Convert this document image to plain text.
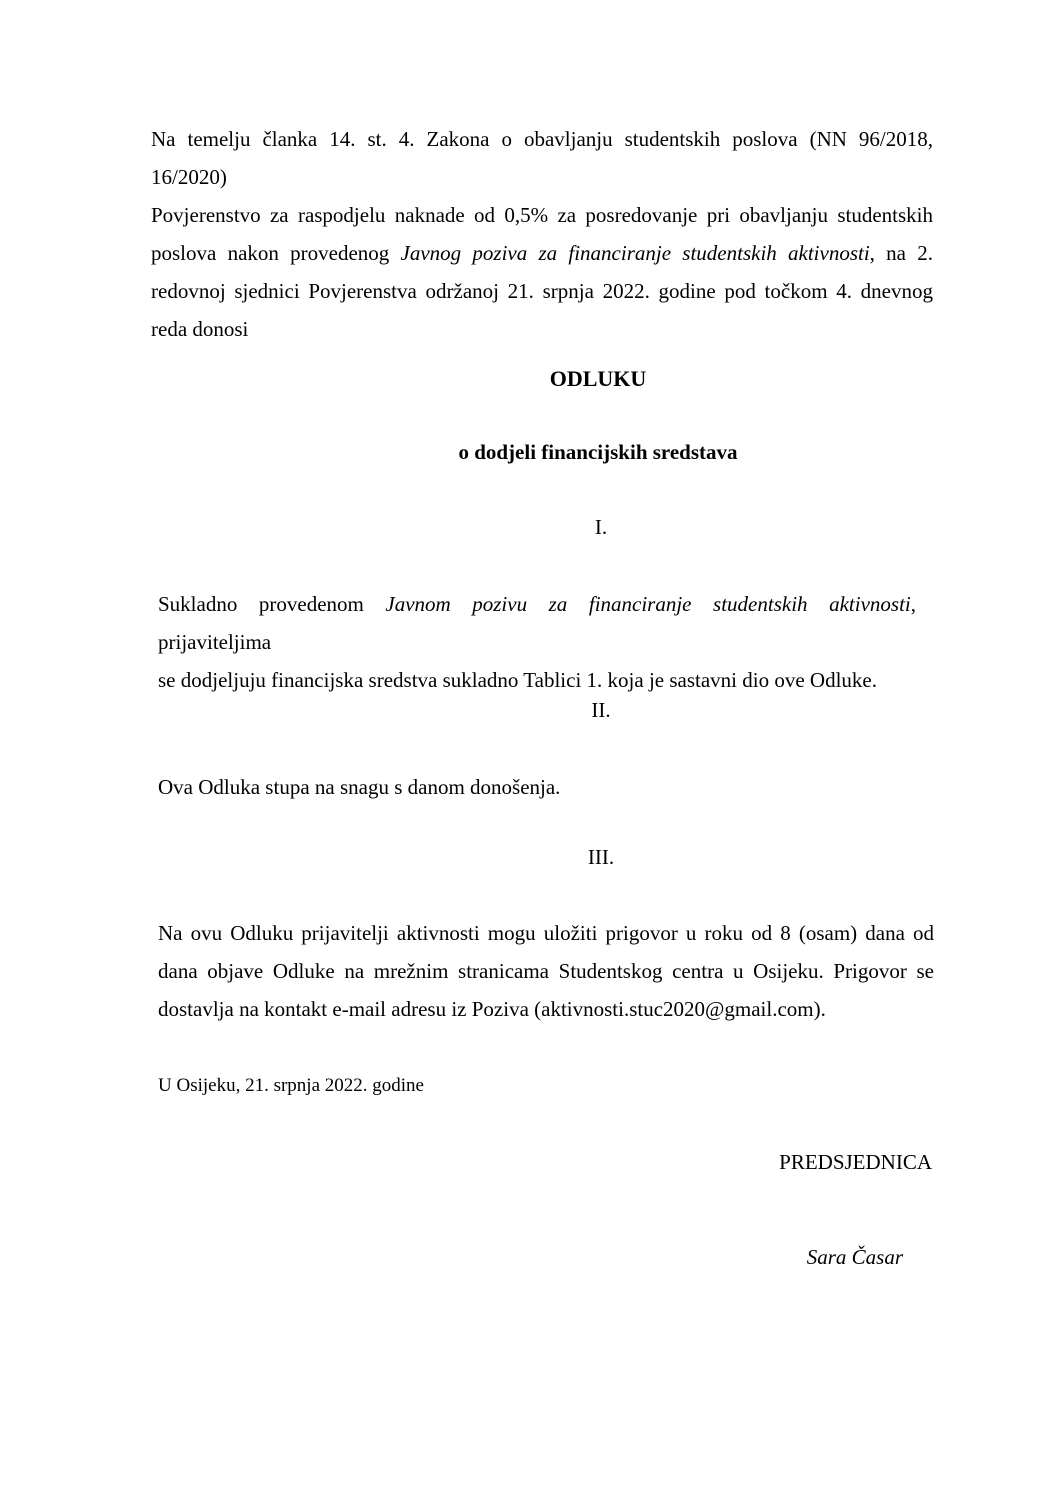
Na temelju članka 14. st. 4. Zakona o obavljanju studentskih poslova (NN 96/2018, 16/2020)
Povjerenstvo za raspodjelu naknade od 0,5% za posredovanje pri obavljanju studentskih
poslova nakon provedenog Javnog poziva za financiranje studentskih aktivnosti, na 2.
redovnoj sjednici Povjerenstva održanoj 21. srpnja 2022. godine pod točkom 4. dnevnog
reda donosi
ODLUKU
o dodjeli financijskih sredstava
I.
Sukladno provedenom Javnom pozivu za financiranje studentskih aktivnosti, prijaviteljima
se dodjeljuju financijska sredstva sukladno Tablici 1. koja je sastavni dio ove Odluke.
II.
Ova Odluka stupa na snagu s danom donošenja.
III.
Na ovu Odluku prijavitelji aktivnosti mogu uložiti prigovor u roku od 8 (osam) dana od
dana objave Odluke na mrežnim stranicama Studentskog centra u Osijeku. Prigovor se
dostavlja na kontakt e-mail adresu iz Poziva (aktivnosti.stuc2020@gmail.com).
U Osijeku, 21. srpnja 2022. godine
PREDSJEDNICA
Sara Časar
